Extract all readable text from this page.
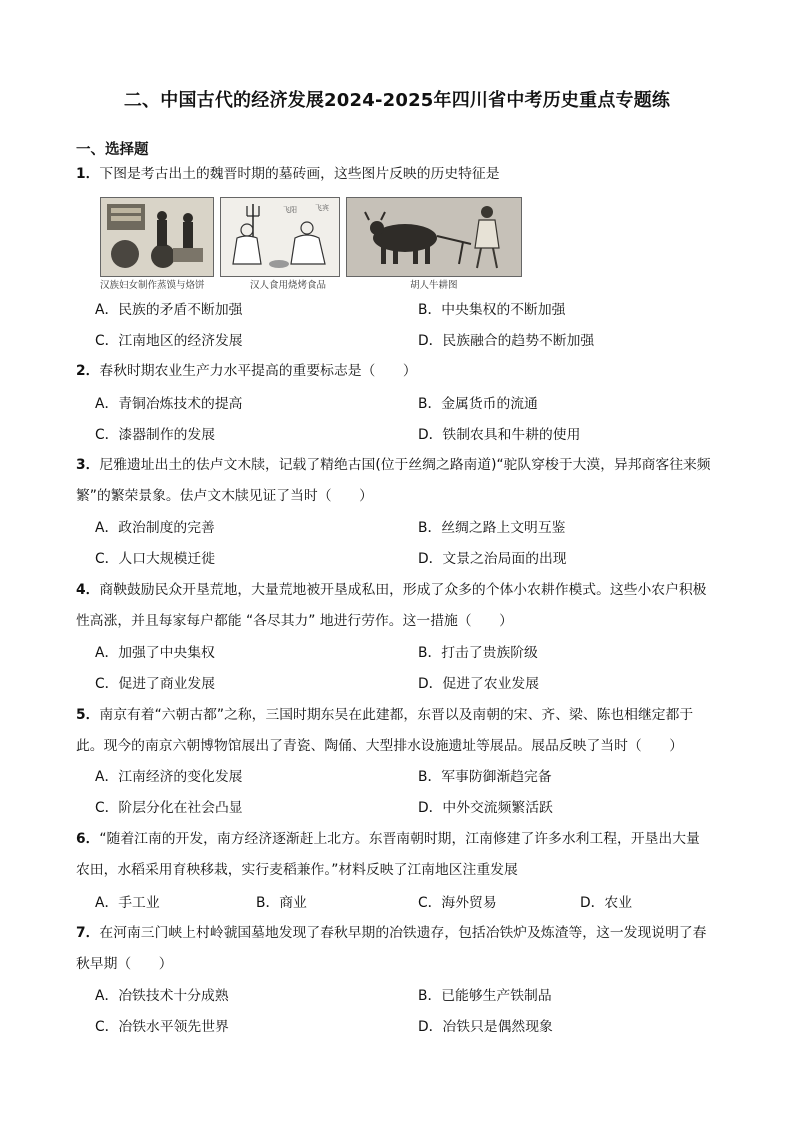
二、中国古代的经济发展2024-2025年四川省中考历史重点专题练
一、选择题
1．下图是考古出土的魏晋时期的墓砖画，这些图片反映的历史特征是
飞阳	飞宾
汉族妇女制作蒸馍与烙饼	汉人食用烧烤食品	胡人牛耕图
A．民族的矛盾不断加强	B．中央集权的不断加强
C．江南地区的经济发展	D．民族融合的趋势不断加强
2．春秋时期农业生产力水平提高的重要标志是（　　）
A．青铜冶炼技术的提高	B．金属货币的流通
C．漆器制作的发展	D．铁制农具和牛耕的使用
3．尼雅遗址出土的佉卢文木牍，记载了精绝古国(位于丝绸之路南道)“驼队穿梭于大漠，异邦商客往来频
繁”的繁荣景象。佉卢文木牍见证了当时（　　）
A．政治制度的完善	B．丝绸之路上文明互鉴
C．人口大规模迁徙	D．文景之治局面的出现
4．商鞅鼓励民众开垦荒地，大量荒地被开垦成私田，形成了众多的个体小农耕作模式。这些小农户积极
性高涨，并且每家每户都能 “各尽其力” 地进行劳作。这一措施（　　）
A．加强了中央集权	B．打击了贵族阶级
C．促进了商业发展	D．促进了农业发展
5．南京有着“六朝古都”之称，三国时期东吴在此建都，东晋以及南朝的宋、齐、梁、陈也相继定都于
此。现今的南京六朝博物馆展出了青瓷、陶俑、大型排水设施遗址等展品。展品反映了当时（　　）
A．江南经济的变化发展	B．军事防御渐趋完备
C．阶层分化在社会凸显	D．中外交流频繁活跃
6．“随着江南的开发，南方经济逐渐赶上北方。东晋南朝时期，江南修建了许多水利工程，开垦出大量
农田，水稻采用育秧移栽，实行麦稻兼作。”材料反映了江南地区注重发展
A．手工业	B．商业	C．海外贸易	D．农业
7．在河南三门峡上村岭虢国墓地发现了春秋早期的冶铁遗存，包括冶铁炉及炼渣等，这一发现说明了春
秋早期（　　）
A．冶铁技术十分成熟	B．已能够生产铁制品
C．冶铁水平领先世界	D．冶铁只是偶然现象
